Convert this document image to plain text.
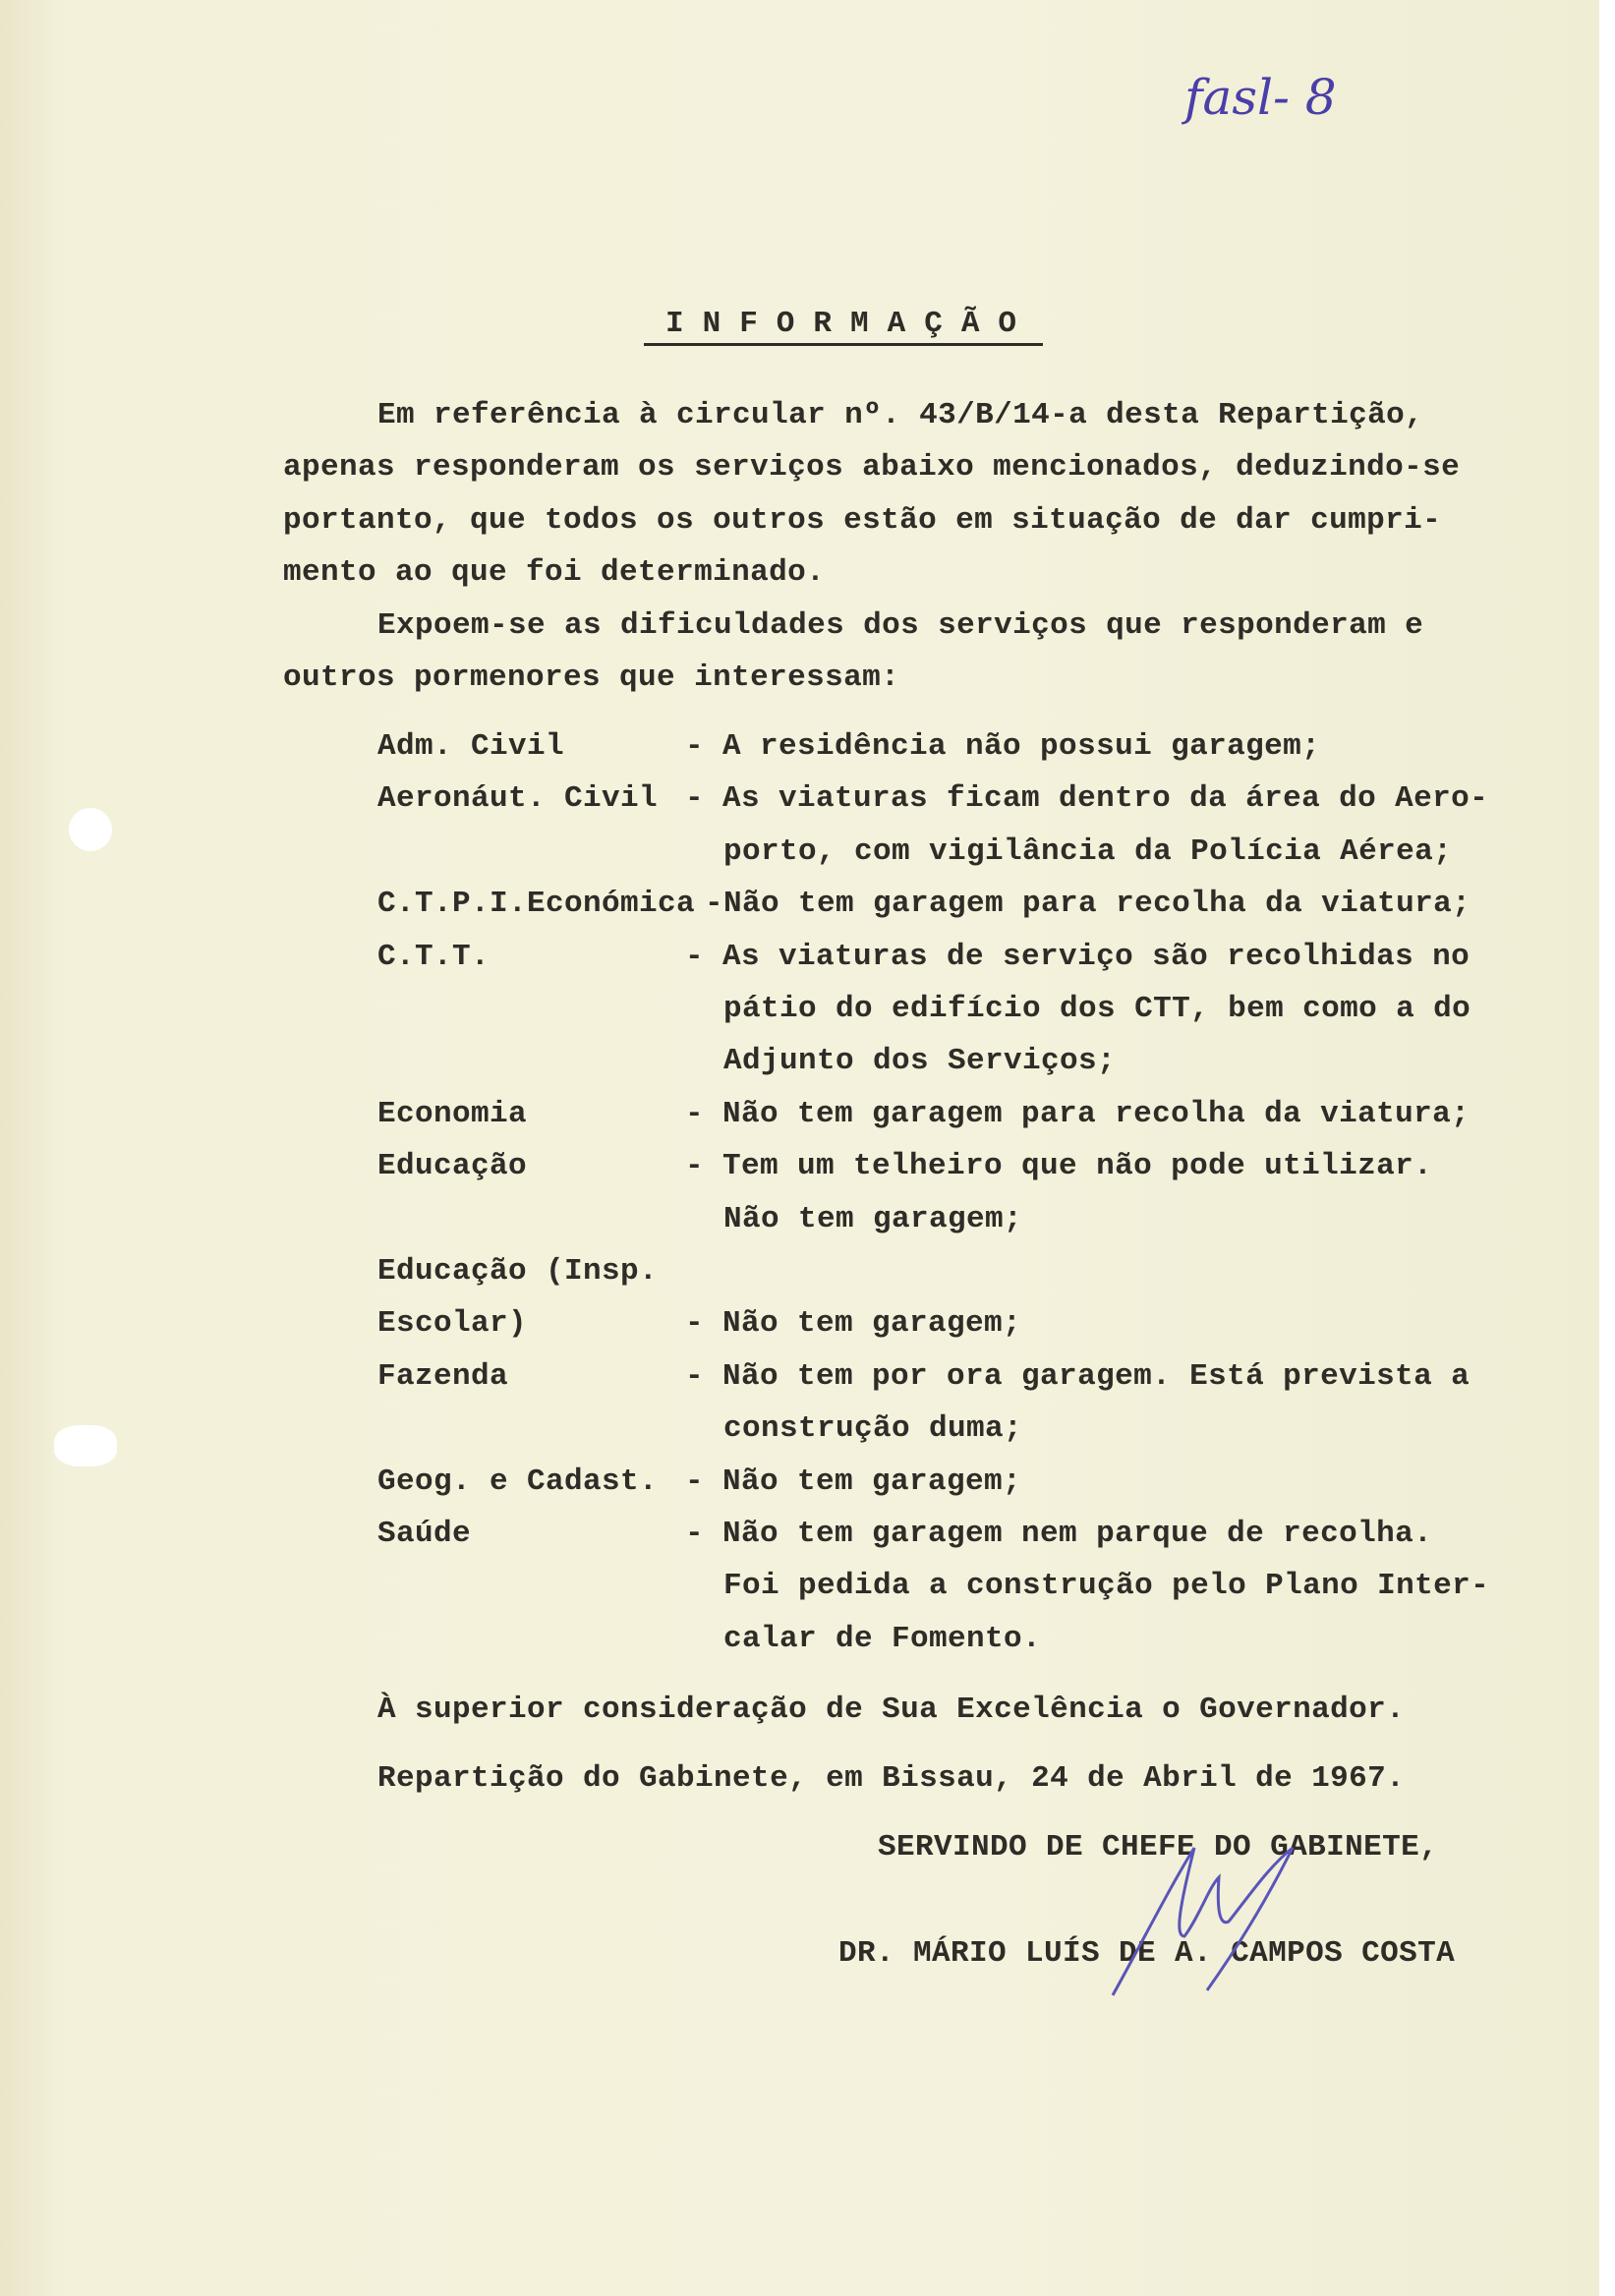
fasl- 8
INFORMAÇÃO
Em referência à circular nº. 43/B/14-a desta Repartição,
apenas responderam os serviços abaixo mencionados, deduzindo-se
portanto, que todos os outros estão em situação de dar cumpri-
mento ao que foi determinado.
Expoem-se as dificuldades dos serviços que responderam e
outros pormenores que interessam:
Adm. Civil	- A residência não possui garagem;
Aeronáut. Civil - As viaturas ficam dentro da área do Aero-
porto, com vigilância da Polícia Aérea;
C.T.P.I.Económica -Não tem garagem para recolha da viatura;
C.T.T.	- As viaturas de serviço são recolhidas no
pátio do edifício dos CTT, bem como a do
Adjunto dos Serviços;
Economia	- Não tem garagem para recolha da viatura;
Educação	- Tem um telheiro que não pode utilizar.
Não tem garagem;
Educação (Insp.
Escolar)	- Não tem garagem;
Fazenda	- Não tem por ora garagem. Está prevista a
construção duma;
Geog. e Cadast. - Não tem garagem;
Saúde	- Não tem garagem nem parque de recolha.
Foi pedida a construção pelo Plano Inter-
calar de Fomento.
À superior consideração de Sua Excelência o Governador.
Repartição do Gabinete, em Bissau, 24 de Abril de 1967.
SERVINDO DE CHEFE DO GABINETE,
DR. MÁRIO LUÍS DE A. CAMPOS COSTA
